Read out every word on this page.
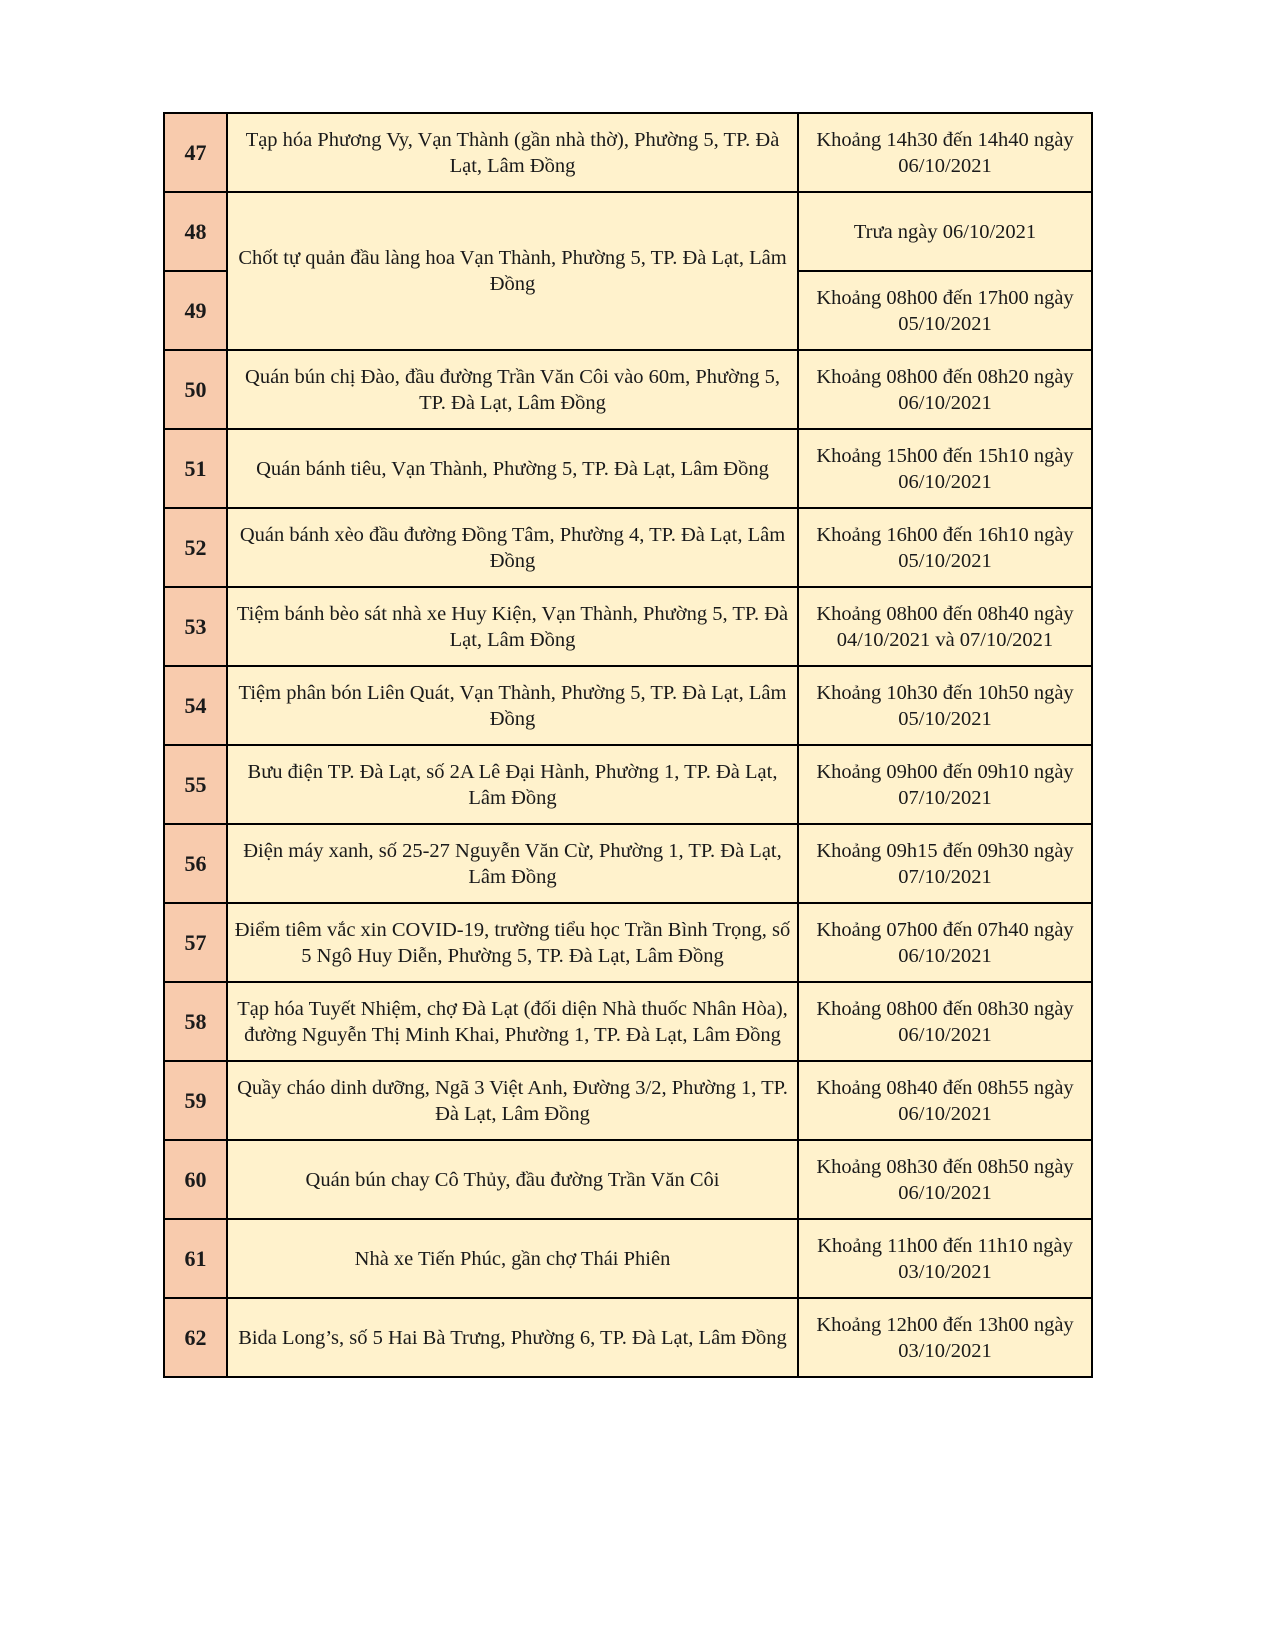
47	Tạp hóa Phương Vy, Vạn Thành (gần nhà thờ), Phường 5, TP. Đà Lạt, Lâm Đồng	Khoảng 14h30 đến 14h40 ngày 06/10/2021
48	Chốt tự quản đầu làng hoa Vạn Thành, Phường 5, TP. Đà Lạt, Lâm Đồng	Trưa ngày 06/10/2021
49		Khoảng 08h00 đến 17h00 ngày 05/10/2021
50	Quán bún chị Đào, đầu đường Trần Văn Côi vào 60m, Phường 5, TP. Đà Lạt, Lâm Đồng	Khoảng 08h00 đến 08h20 ngày 06/10/2021
51	Quán bánh tiêu, Vạn Thành, Phường 5, TP. Đà Lạt, Lâm Đồng	Khoảng 15h00 đến 15h10 ngày 06/10/2021
52	Quán bánh xèo đầu đường Đồng Tâm, Phường 4, TP. Đà Lạt, Lâm Đồng	Khoảng 16h00 đến 16h10 ngày 05/10/2021
53	Tiệm bánh bèo sát nhà xe Huy Kiện, Vạn Thành, Phường 5, TP. Đà Lạt, Lâm Đồng	Khoảng 08h00 đến 08h40 ngày 04/10/2021 và 07/10/2021
54	Tiệm phân bón Liên Quát, Vạn Thành, Phường 5, TP. Đà Lạt, Lâm Đồng	Khoảng 10h30 đến 10h50 ngày 05/10/2021
55	Bưu điện TP. Đà Lạt, số 2A Lê Đại Hành, Phường 1, TP. Đà Lạt, Lâm Đồng	Khoảng 09h00 đến 09h10 ngày 07/10/2021
56	Điện máy xanh, số 25-27 Nguyễn Văn Cừ, Phường 1, TP. Đà Lạt, Lâm Đồng	Khoảng 09h15 đến 09h30 ngày 07/10/2021
57	Điểm tiêm vắc xin COVID-19, trường tiểu học Trần Bình Trọng, số 5 Ngô Huy Diễn, Phường 5, TP. Đà Lạt, Lâm Đồng	Khoảng 07h00 đến 07h40 ngày 06/10/2021
58	Tạp hóa Tuyết Nhiệm, chợ Đà Lạt (đối diện Nhà thuốc Nhân Hòa), đường Nguyễn Thị Minh Khai, Phường 1, TP. Đà Lạt, Lâm Đồng	Khoảng 08h00 đến 08h30 ngày 06/10/2021
59	Quầy cháo dinh dưỡng, Ngã 3 Việt Anh, Đường 3/2, Phường 1, TP. Đà Lạt, Lâm Đồng	Khoảng 08h40 đến 08h55 ngày 06/10/2021
60	Quán bún chay Cô Thủy, đầu đường Trần Văn Côi	Khoảng 08h30 đến 08h50 ngày 06/10/2021
61	Nhà xe Tiến Phúc, gần chợ Thái Phiên	Khoảng 11h00 đến 11h10 ngày 03/10/2021
62	Bida Long’s, số 5 Hai Bà Trưng, Phường 6, TP. Đà Lạt, Lâm Đồng	Khoảng 12h00 đến 13h00 ngày 03/10/2021
